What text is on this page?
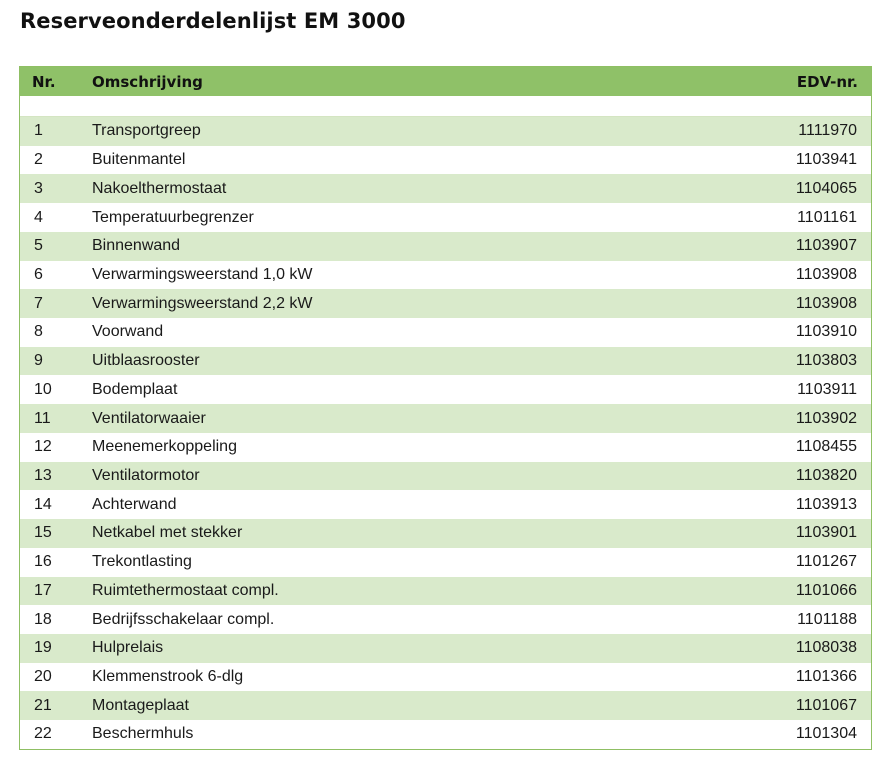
Reserveonderdelenlijst EM 3000
Nr.	Omschrijving	EDV-nr.
1	Transportgreep	1111970
2	Buitenmantel	1103941
3	Nakoelthermostaat	1104065
4	Temperatuurbegrenzer	1101161
5	Binnenwand	1103907
6	Verwarmingsweerstand 1,0 kW	1103908
7	Verwarmingsweerstand 2,2 kW	1103908
8	Voorwand	1103910
9	Uitblaasrooster	1103803
10	Bodemplaat	1103911
11	Ventilatorwaaier	1103902
12	Meenemerkoppeling	1108455
13	Ventilatormotor	1103820
14	Achterwand	1103913
15	Netkabel met stekker	1103901
16	Trekontlasting	1101267
17	Ruimtethermostaat compl.	1101066
18	Bedrijfsschakelaar compl.	1101188
19	Hulprelais	1108038
20	Klemmenstrook 6-dlg	1101366
21	Montageplaat	1101067
22	Beschermhuls	1101304
